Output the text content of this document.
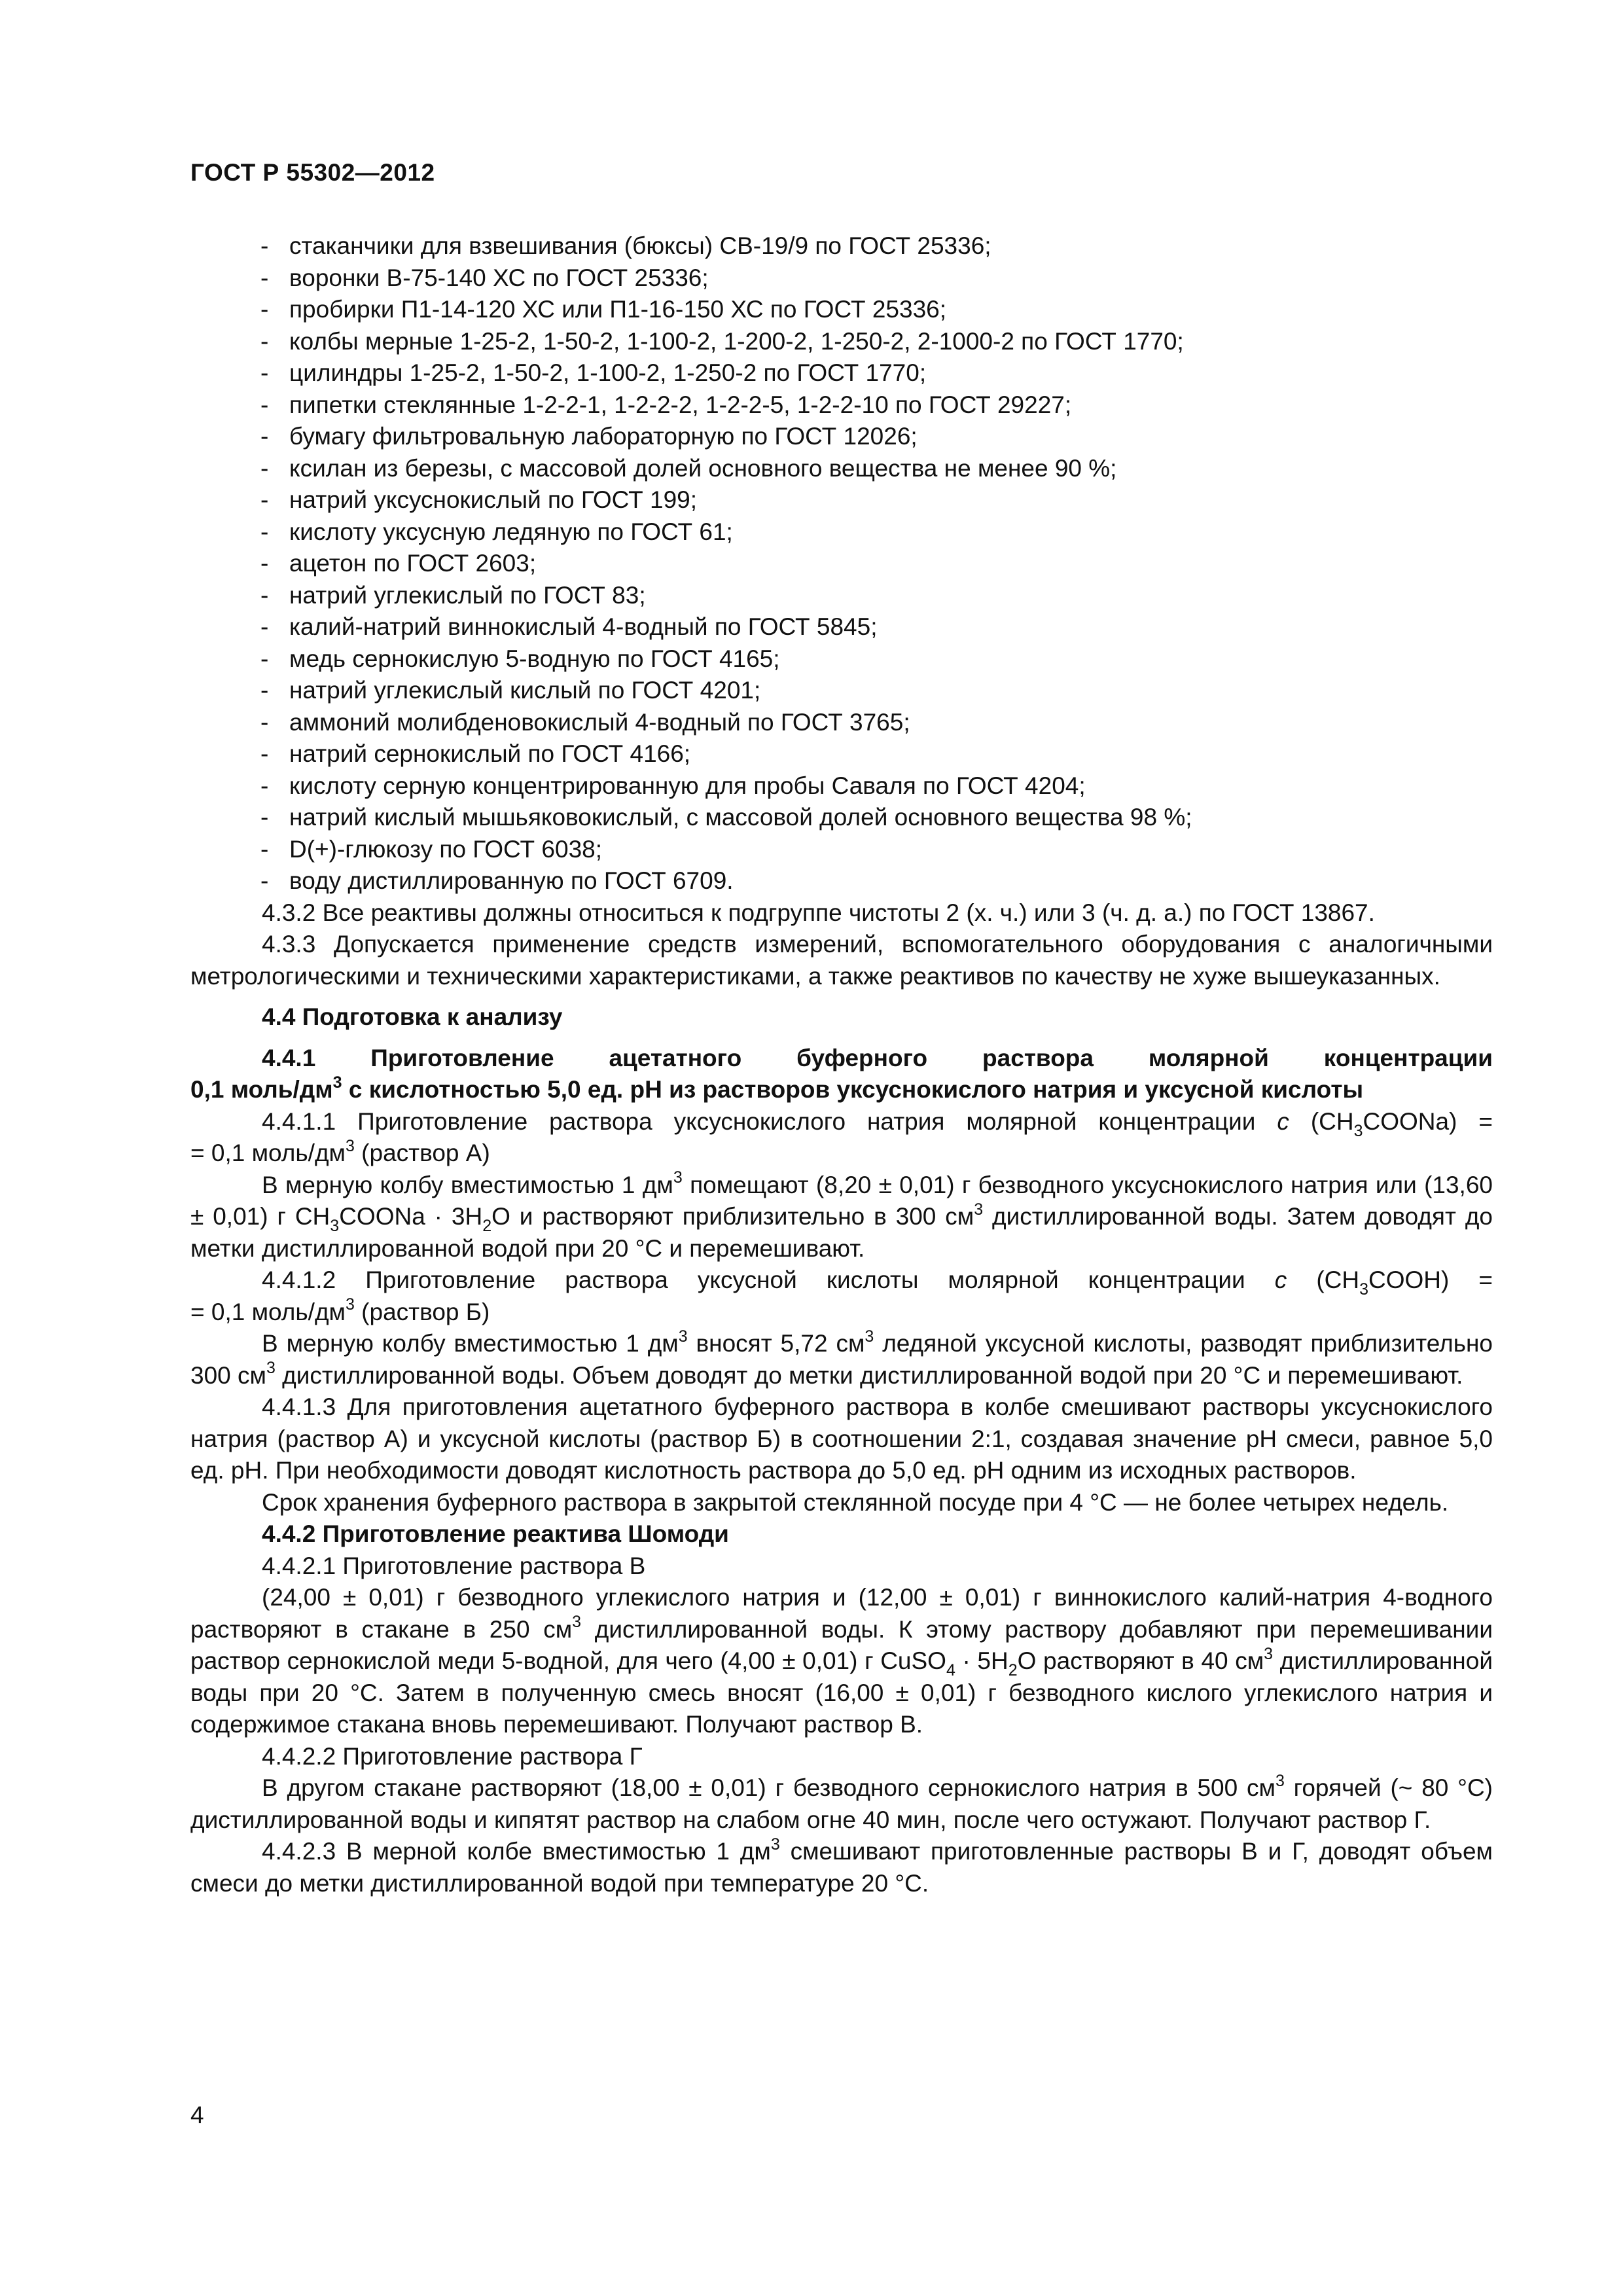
ГОСТ Р 55302—2012

- стаканчики для взвешивания (бюксы) СВ-19/9 по ГОСТ 25336;

- воронки В-75-140 ХС по ГОСТ 25336;

- пробирки П1-14-120 ХС или П1-16-150 ХС по ГОСТ 25336;

- колбы мерные 1-25-2, 1-50-2, 1-100-2, 1-200-2, 1-250-2, 2-1000-2 по ГОСТ 1770;

- цилиндры 1-25-2, 1-50-2, 1-100-2, 1-250-2 по ГОСТ 1770;

- пипетки стеклянные 1-2-2-1, 1-2-2-2, 1-2-2-5, 1-2-2-10 по ГОСТ 29227;

- бумагу фильтровальную лабораторную по ГОСТ 12026;

- ксилан из березы, с массовой долей основного вещества не менее 90 %;

- натрий уксуснокислый по ГОСТ 199;

- кислоту уксусную ледяную по ГОСТ 61;

- ацетон по ГОСТ 2603;

- натрий углекислый по ГОСТ 83;

- калий-натрий виннокислый 4-водный по ГОСТ 5845;

- медь сернокислую 5-водную по ГОСТ 4165;

- натрий углекислый кислый по ГОСТ 4201;

- аммоний молибденовокислый 4-водный по ГОСТ 3765;

- натрий сернокислый по ГОСТ 4166;

- кислоту серную концентрированную для пробы Саваля по ГОСТ 4204;

- натрий кислый мышьяковокислый, с массовой долей основного вещества 98 %;

- D(+)-глюкозу по ГОСТ 6038;

- воду дистиллированную по ГОСТ 6709.

4.3.2 Все реактивы должны относиться к подгруппе чистоты 2 (х. ч.) или 3 (ч. д. а.) по ГОСТ 13867.

4.3.3 Допускается применение средств измерений, вспомогательного оборудования с аналогичными метрологическими и техническими характеристиками, а также реактивов по качеству не хуже вышеуказанных.

4.4 Подготовка к анализу

4.4.1 Приготовление ацетатного буферного раствора молярной концентрации

0,1 моль/$дм^3$ с кислотностью 5,0 ед. рН из растворов уксуснокислого натрия и уксусной кислоты

4.4.1.1 Приготовление раствора уксуснокислого натрия молярной концентрации c $(CH_3COONa)$ =

= 0,1 моль/$дм^3$ (раствор А)

В мерную колбу вместимостью 1 $дм^3$ помещают (8,20 ± 0,01) г безводного уксуснокислого натрия или (13,60 ± 0,01) г $CH_3COONa \cdot 3H_2O$ и растворяют приблизительно в 300 $см^3$ дистиллированной воды. Затем доводят до метки дистиллированной водой при 20 °С и перемешивают.

4.4.1.2 Приготовление раствора уксусной кислоты молярной концентрации c $(CH_3COOH)$ =

= 0,1 моль/$дм^3$ (раствор Б)

В мерную колбу вместимостью 1 $дм^3$ вносят 5,72 $см^3$ ледяной уксусной кислоты, разводят приблизительно 300 $см^3$ дистиллированной воды. Объем доводят до метки дистиллированной водой при 20 °С и перемешивают.

4.4.1.3 Для приготовления ацетатного буферного раствора в колбе смешивают растворы уксуснокислого натрия (раствор А) и уксусной кислоты (раствор Б) в соотношении 2:1, создавая значение рН смеси, равное 5,0 ед. рН. При необходимости доводят кислотность раствора до 5,0 ед. рН одним из исходных растворов.

Срок хранения буферного раствора в закрытой стеклянной посуде при 4 °С — не более четырех недель.

4.4.2 Приготовление реактива Шомоди

4.4.2.1 Приготовление раствора В

(24,00 ± 0,01) г безводного углекислого натрия и (12,00 ± 0,01) г виннокислого калий-натрия 4-водного растворяют в стакане в 250 $см^3$ дистиллированной воды. К этому раствору добавляют при перемешивании раствор сернокислой меди 5-водной, для чего (4,00 ± 0,01) г CuSO$_4$ · $5H_2O$ растворяют в 40 $см^3$ дистиллированной воды при 20 °С. Затем в полученную смесь вносят (16,00 ± 0,01) г безводного кислого углекислого натрия и содержимое стакана вновь перемешивают. Получают раствор В.

4.4.2.2 Приготовление раствора Г

В другом стакане растворяют (18,00 ± 0,01) г безводного сернокислого натрия в 500 $см^3$ горячей (~ 80 °С) дистиллированной воды и кипятят раствор на слабом огне 40 мин, после чего остужают. Получают раствор Г.

4.4.2.3 В мерной колбе вместимостью 1 $дм^3$ смешивают приготовленные растворы В и Г, доводят объем смеси до метки дистиллированной водой при температуре 20 °С.

4
